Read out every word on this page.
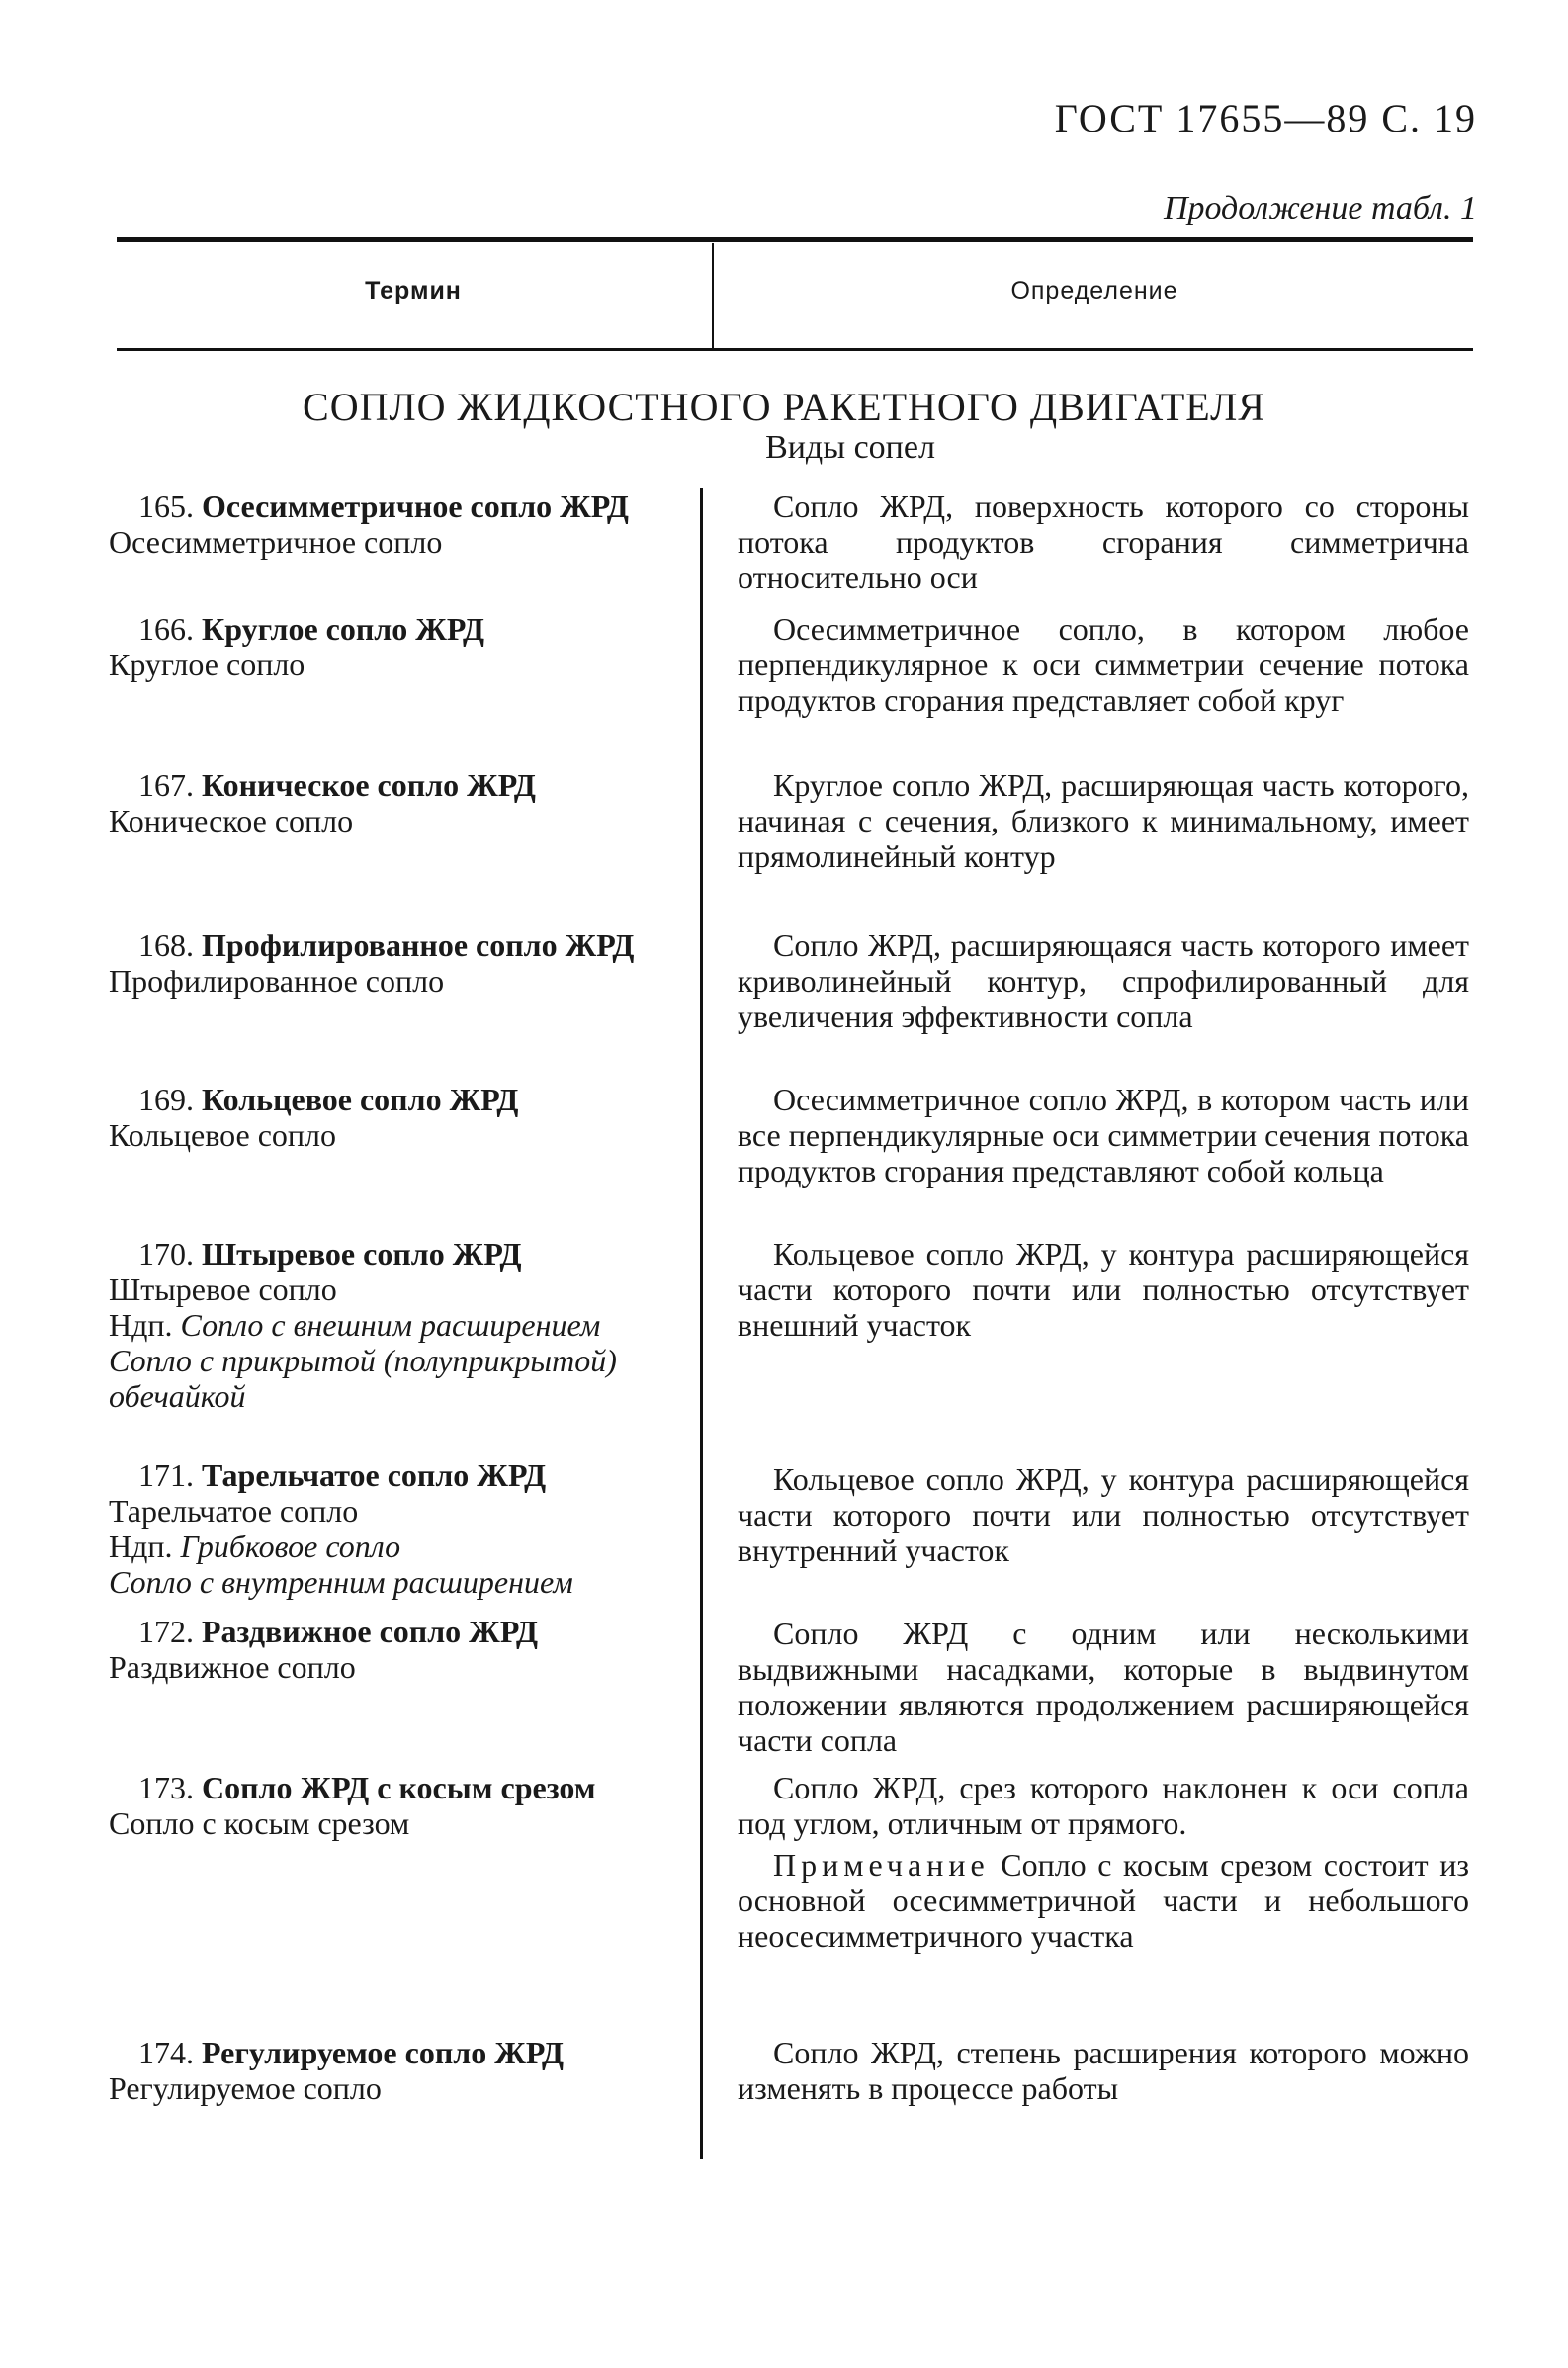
ГОСТ 17655—89 С. 19
Продолжение табл. 1
Термин	Определение
СОПЛО ЖИДКОСТНОГО РАКЕТНОГО ДВИГАТЕЛЯ
Виды сопел
165. Осесимметричное сопло ЖРД
Осесимметричное сопло
Сопло ЖРД, поверхность которого со стороны потока продуктов сгорания симметрична относительно оси
166. Круглое сопло ЖРД
Круглое сопло
Осесимметричное сопло, в котором любое перпендикулярное к оси симметрии сечение потока продуктов сгорания представляет собой круг
167. Коническое сопло ЖРД
Коническое сопло
Круглое сопло ЖРД, расширяющая часть которого, начиная с сечения, близкого к минимальному, имеет прямолинейный контур
168. Профилированное сопло ЖРД
Профилированное сопло
Сопло ЖРД, расширяющаяся часть которого имеет криволинейный контур, спрофилированный для увеличения эффективности сопла
169. Кольцевое сопло ЖРД
Кольцевое сопло
Осесимметричное сопло ЖРД, в котором часть или все перпендикулярные оси симметрии сечения потока продуктов сгорания представляют собой кольца
170. Штыревое сопло ЖРД
Штыревое сопло
Ндп. Сопло с внешним расширением
Сопло с прикрытой (полуприкрытой) обечайкой
Кольцевое сопло ЖРД, у контура расширяющейся части которого почти или полностью отсутствует внешний участок
171. Тарельчатое сопло ЖРД
Тарельчатое сопло
Ндп. Грибковое сопло
Сопло с внутренним расширением
Кольцевое сопло ЖРД, у контура расширяющейся части которого почти или полностью отсутствует внутренний участок
172. Раздвижное сопло ЖРД
Раздвижное сопло
Сопло ЖРД с одним или несколькими выдвижными насадками, которые в выдвинутом положении являются продолжением расширяющейся части сопла
173. Сопло ЖРД с косым срезом
Сопло с косым срезом
Сопло ЖРД, срез которого наклонен к оси сопла под углом, отличным от прямого.
Примечание Сопло с косым срезом состоит из основной осесимметричной части и небольшого неосесимметричного участка
174. Регулируемое сопло ЖРД
Регулируемое сопло
Сопло ЖРД, степень расширения которого можно изменять в процессе работы
